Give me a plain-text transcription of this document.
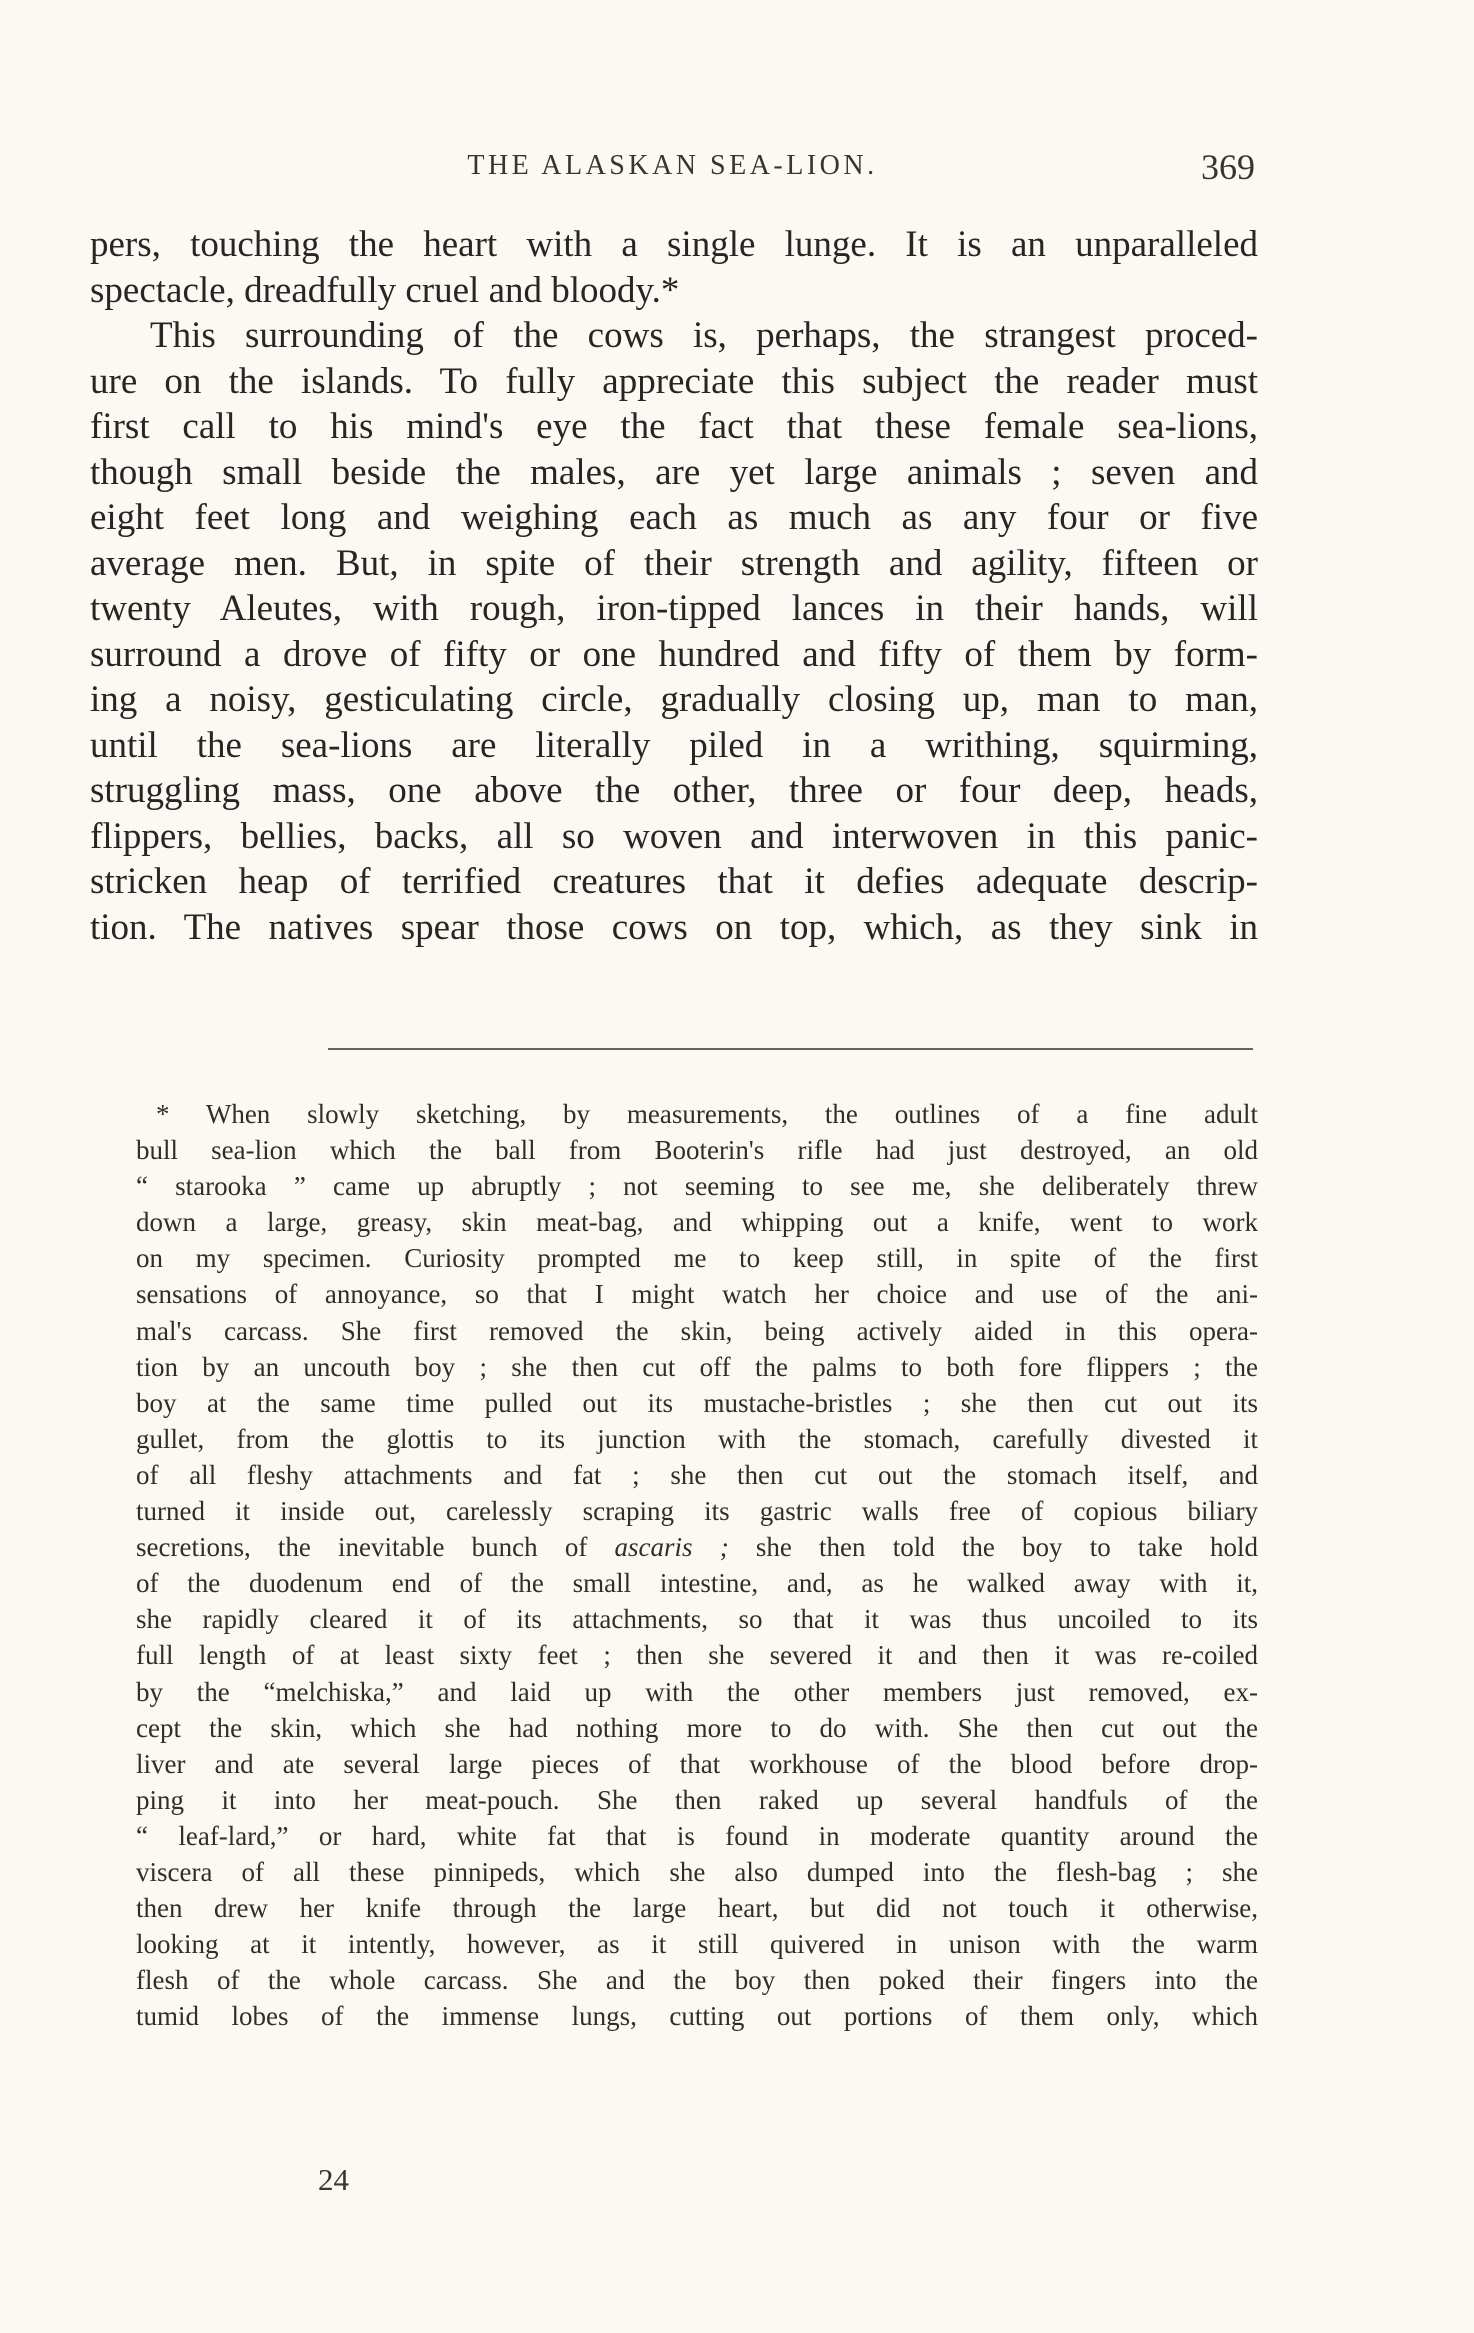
THE ALASKAN SEA-LION.	369
pers, touching the heart with a single lunge. It is an unparalleled
spectacle, dreadfully cruel and bloody.*
This surrounding of the cows is, perhaps, the strangest proced-
ure on the islands. To fully appreciate this subject the reader must
first call to his mind's eye the fact that these female sea-lions,
though small beside the males, are yet large animals ; seven and
eight feet long and weighing each as much as any four or five
average men. But, in spite of their strength and agility, fifteen or
twenty Aleutes, with rough, iron-tipped lances in their hands, will
surround a drove of fifty or one hundred and fifty of them by form-
ing a noisy, gesticulating circle, gradually closing up, man to man,
until the sea-lions are literally piled in a writhing, squirming,
struggling mass, one above the other, three or four deep, heads,
flippers, bellies, backs, all so woven and interwoven in this panic-
stricken heap of terrified creatures that it defies adequate descrip-
tion. The natives spear those cows on top, which, as they sink in
* When slowly sketching, by measurements, the outlines of a fine adult
bull sea-lion which the ball from Booterin's rifle had just destroyed, an old
“ starooka ” came up abruptly ; not seeming to see me, she deliberately threw
down a large, greasy, skin meat-bag, and whipping out a knife, went to work
on my specimen. Curiosity prompted me to keep still, in spite of the first
sensations of annoyance, so that I might watch her choice and use of the ani-
mal's carcass. She first removed the skin, being actively aided in this opera-
tion by an uncouth boy ; she then cut off the palms to both fore flippers ; the
boy at the same time pulled out its mustache-bristles ; she then cut out its
gullet, from the glottis to its junction with the stomach, carefully divested it
of all fleshy attachments and fat ; she then cut out the stomach itself, and
turned it inside out, carelessly scraping its gastric walls free of copious biliary
secretions, the inevitable bunch of ascaris ; she then told the boy to take hold
of the duodenum end of the small intestine, and, as he walked away with it,
she rapidly cleared it of its attachments, so that it was thus uncoiled to its
full length of at least sixty feet ; then she severed it and then it was re-coiled
by the “melchiska,” and laid up with the other members just removed, ex-
cept the skin, which she had nothing more to do with. She then cut out the
liver and ate several large pieces of that workhouse of the blood before drop-
ping it into her meat-pouch. She then raked up several handfuls of the
“ leaf-lard,” or hard, white fat that is found in moderate quantity around the
viscera of all these pinnipeds, which she also dumped into the flesh-bag ; she
then drew her knife through the large heart, but did not touch it otherwise,
looking at it intently, however, as it still quivered in unison with the warm
flesh of the whole carcass. She and the boy then poked their fingers into the
tumid lobes of the immense lungs, cutting out portions of them only, which
24
